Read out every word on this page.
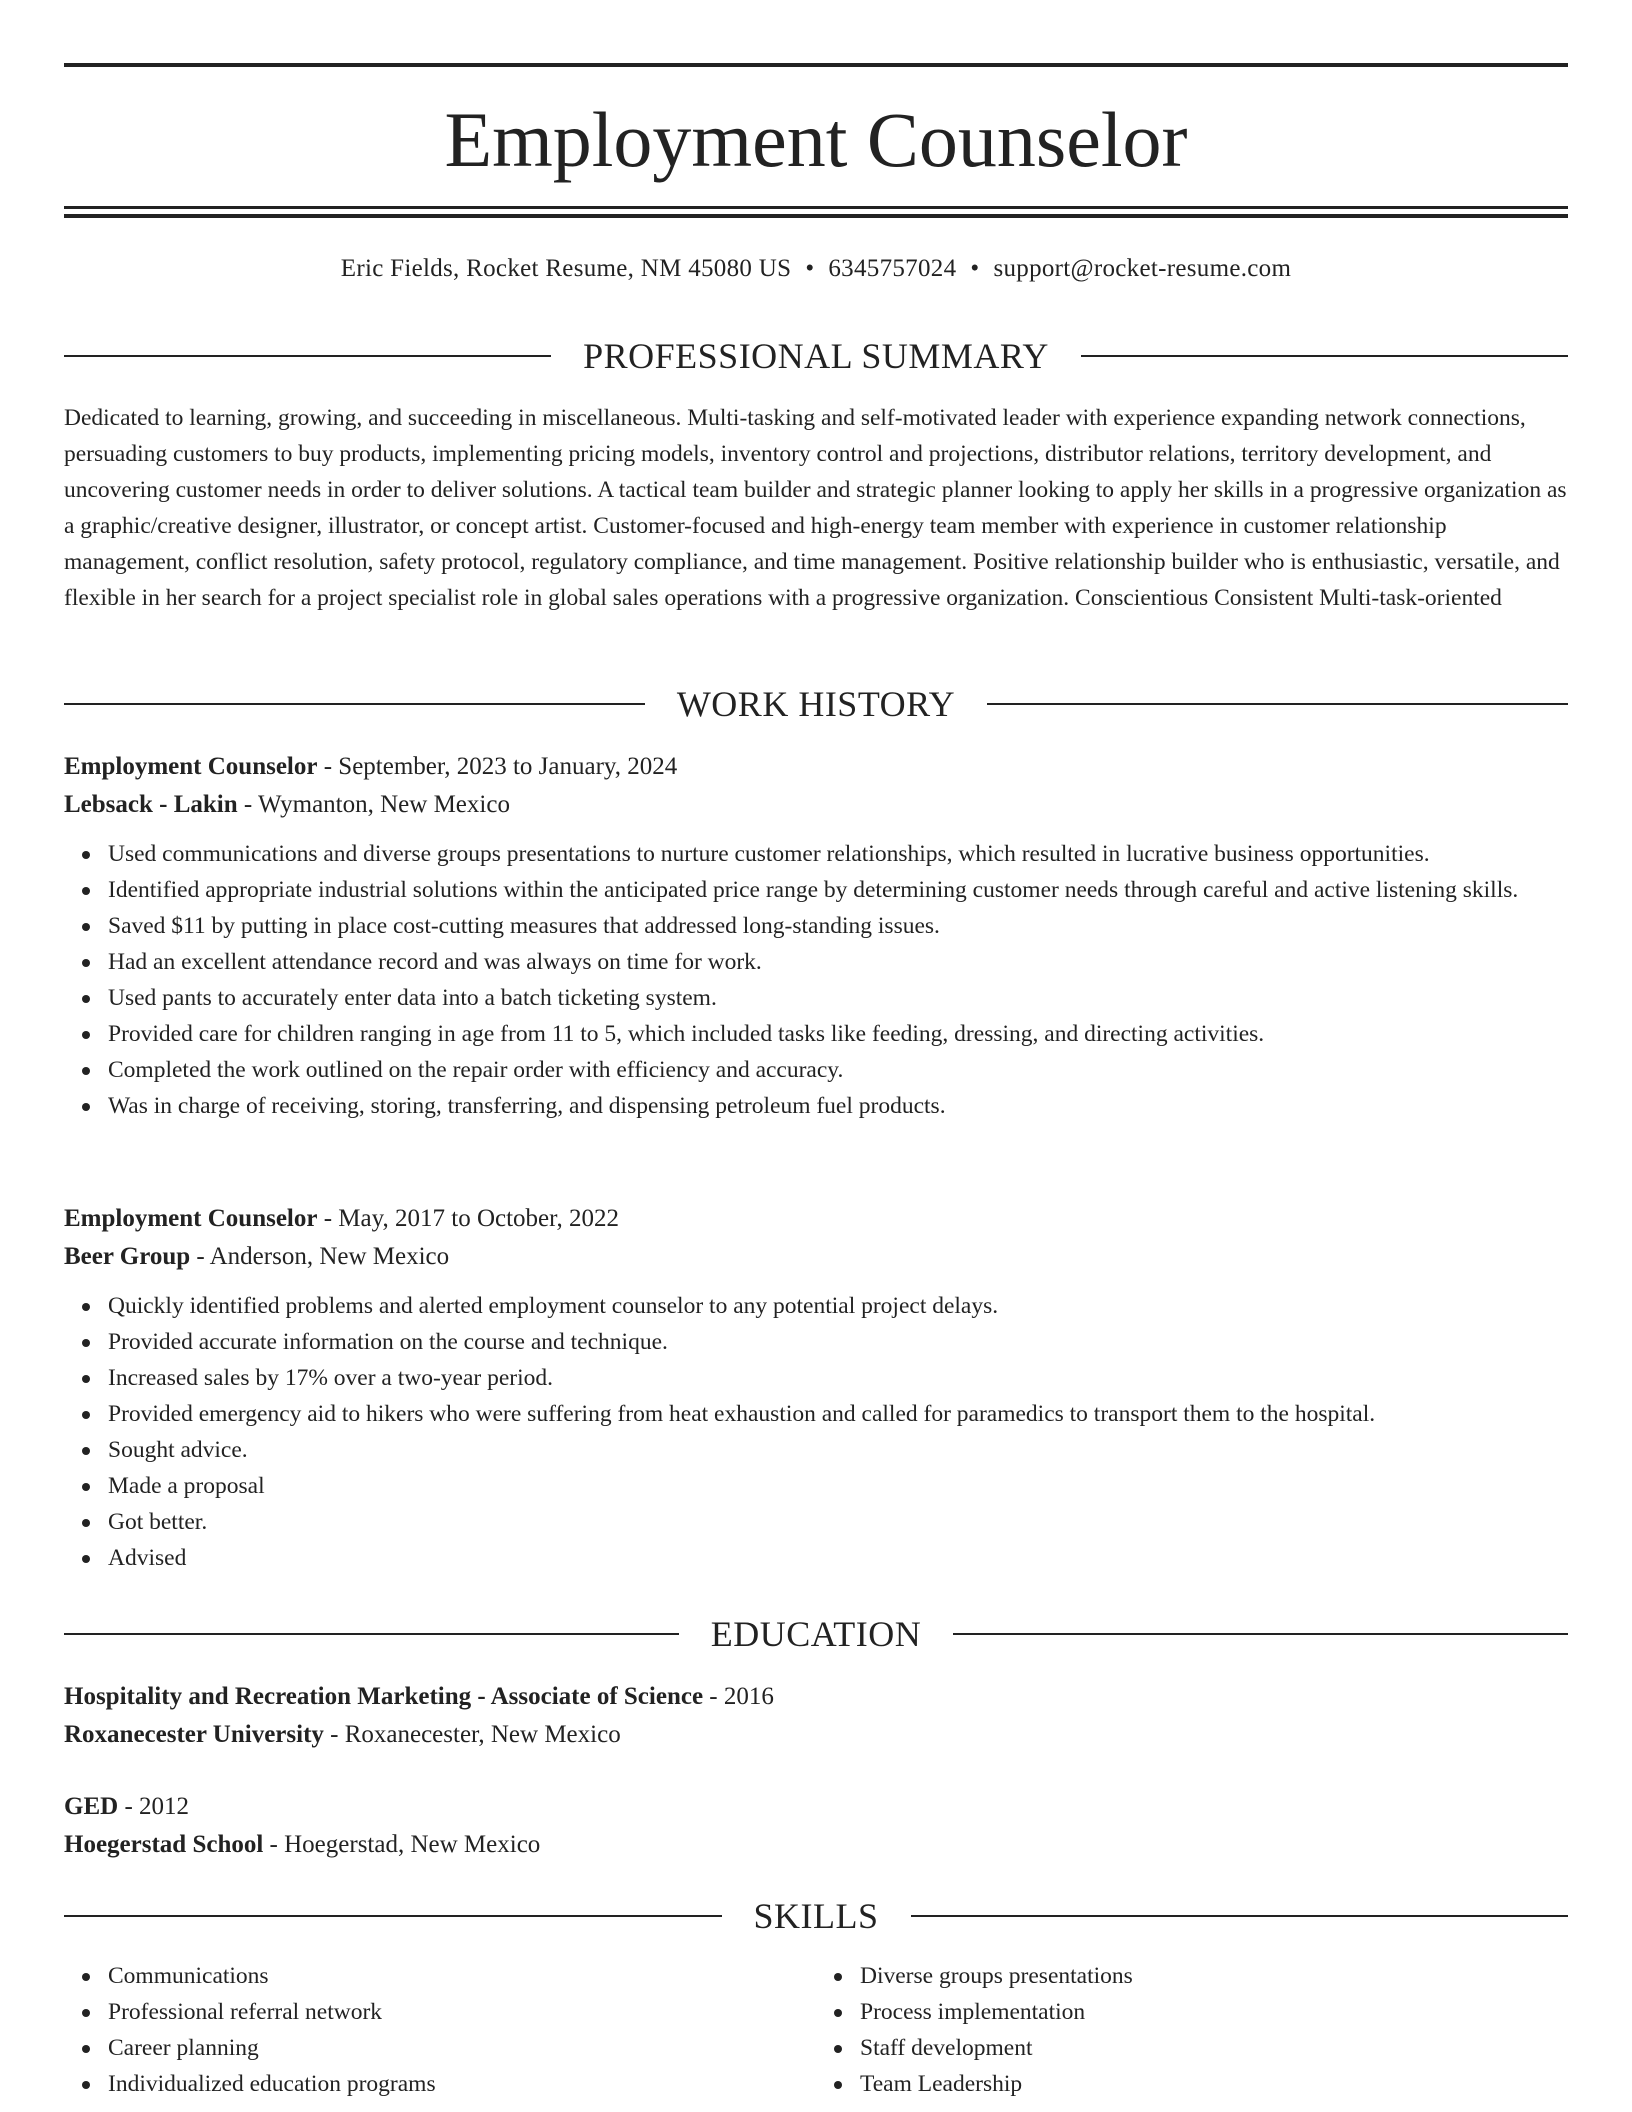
Employment Counselor
Eric Fields, Rocket Resume, NM 45080 US • 6345757024 • support@rocket-resume.com
PROFESSIONAL SUMMARY

Dedicated to learning, growing, and succeeding in miscellaneous. Multi-tasking and self-motivated leader with experience expanding network connections, persuading customers to buy products, implementing pricing models, inventory control and projections, distributor relations, territory development, and uncovering customer needs in order to deliver solutions. A tactical team builder and strategic planner looking to apply her skills in a progressive organization as a graphic/creative designer, illustrator, or concept artist. Customer-focused and high-energy team member with experience in customer relationship management, conflict resolution, safety protocol, regulatory compliance, and time management. Positive relationship builder who is enthusiastic, versatile, and flexible in her search for a project specialist role in global sales operations with a progressive organization. Conscientious Consistent Multi-task-oriented

WORK HISTORY
Employment Counselor - September, 2023 to January, 2024
Lebsack - Lakin - Wymanton, New Mexico
Used communications and diverse groups presentations to nurture customer relationships, which resulted in lucrative business opportunities.
Identified appropriate industrial solutions within the anticipated price range by determining customer needs through careful and active listening skills.
Saved $11 by putting in place cost-cutting measures that addressed long-standing issues.
Had an excellent attendance record and was always on time for work.
Used pants to accurately enter data into a batch ticketing system.
Provided care for children ranging in age from 11 to 5, which included tasks like feeding, dressing, and directing activities.
Completed the work outlined on the repair order with efficiency and accuracy.
Was in charge of receiving, storing, transferring, and dispensing petroleum fuel products.
Employment Counselor - May, 2017 to October, 2022
Beer Group - Anderson, New Mexico
Quickly identified problems and alerted employment counselor to any potential project delays.
Provided accurate information on the course and technique.
Increased sales by 17% over a two-year period.
Provided emergency aid to hikers who were suffering from heat exhaustion and called for paramedics to transport them to the hospital.
Sought advice.
Made a proposal
Got better.
Advised
EDUCATION
Hospitality and Recreation Marketing - Associate of Science - 2016
Roxanecester University - Roxanecester, New Mexico
GED - 2012
Hoegerstad School - Hoegerstad, New Mexico
SKILLS
Communications
Professional referral network
Career planning
Individualized education programs
Diverse groups presentations
Process implementation
Staff development
Team Leadership
